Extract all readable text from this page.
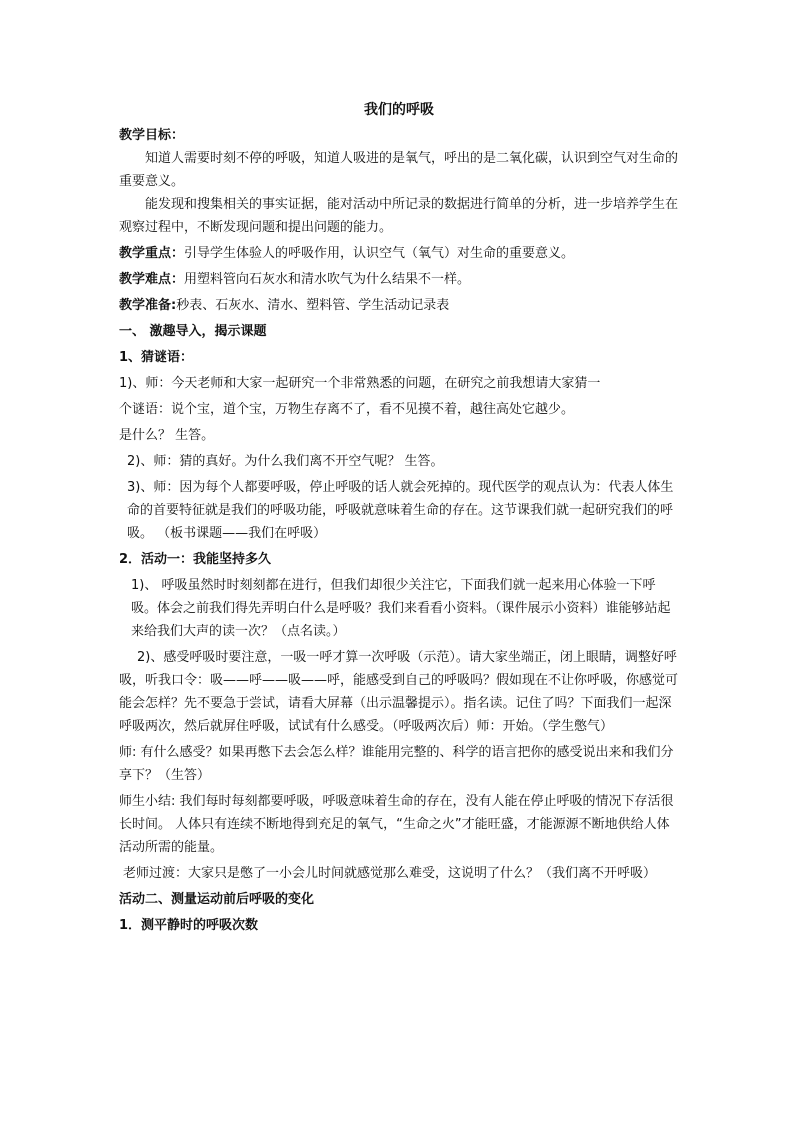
我们的呼吸

教学目标：

知道人需要时刻不停的呼吸，知道人吸进的是氧气，呼出的是二氧化碳，认识到空气对生命的重要意义。

能发现和搜集相关的事实证据，能对活动中所记录的数据进行简单的分析，进一步培养学生在观察过程中，不断发现问题和提出问题的能力。

教学重点：引导学生体验人的呼吸作用，认识空气（氧气）对生命的重要意义。

教学难点：用塑料管向石灰水和清水吹气为什么结果不一样。

教学准备:秒表、石灰水、清水、塑料管、学生活动记录表

一、 激趣导入，揭示课题

1、猜谜语：

1)、师：今天老师和大家一起研究一个非常熟悉的问题，在研究之前我想请大家猜一

个谜语：说个宝，道个宝，万物生存离不了，看不见摸不着，越往高处它越少。

是什么？ 生答。

2)、师：猜的真好。为什么我们离不开空气呢？ 生答。

3)、师：因为每个人都要呼吸，停止呼吸的话人就会死掉的。现代医学的观点认为：代表人体生命的首要特征就是我们的呼吸功能，呼吸就意味着生命的存在。这节课我们就一起研究我们的呼吸。 （板书课题——我们在呼吸）

2．活动一：我能坚持多久

1)、 呼吸虽然时时刻刻都在进行，但我们却很少关注它，下面我们就一起来用心体验一下呼吸。体会之前我们得先弄明白什么是呼吸？我们来看看小资料。（课件展示小资料）谁能够站起来给我们大声的读一次？（点名读。）

2)、感受呼吸时要注意，一吸一呼才算一次呼吸（示范）。请大家坐端正，闭上眼睛，调整好呼吸，听我口令：吸——呼——吸——呼，能感受到自己的呼吸吗？假如现在不让你呼吸，你感觉可能会怎样？先不要急于尝试，请看大屏幕（出示温馨提示）。指名读。记住了吗？下面我们一起深呼吸两次，然后就屏住呼吸，试试有什么感受。（呼吸两次后）师：开始。（学生憋气）

师: 有什么感受？如果再憋下去会怎么样？谁能用完整的、科学的语言把你的感受说出来和我们分享下？（生答）

师生小结: 我们每时每刻都要呼吸，呼吸意味着生命的存在，没有人能在停止呼吸的情况下存活很长时间。 人体只有连续不断地得到充足的氧气，“生命之火”才能旺盛，才能源源不断地供给人体活动所需的能量。

老师过渡：大家只是憋了一小会儿时间就感觉那么难受，这说明了什么？（我们离不开呼吸）

活动二、测量运动前后呼吸的变化

1．测平静时的呼吸次数
